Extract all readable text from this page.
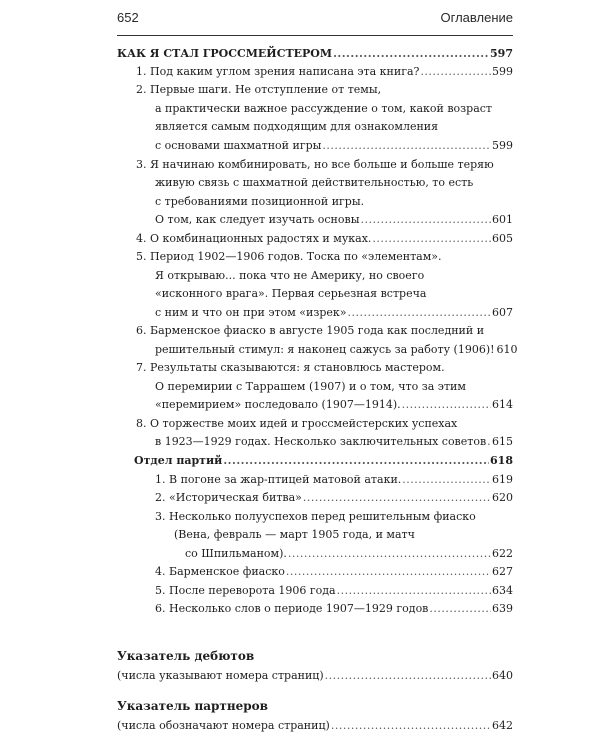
652	Оглавление
КАК Я СТАЛ ГРОССМЕЙСТЕРОМ .....	597
1. Под каким углом зрения написана эта книга? .....	599
2. Первые шаги. Не отступление от темы,
а практически важное рассуждение о том, какой возраст
является самым подходящим для ознакомления
с основами шахматной игры .....	599
3. Я начинаю комбинировать, но все больше и больше теряю
живую связь с шахматной действительностью, то есть
с требованиями позиционной игры.
О том, как следует изучать основы .....	601
4. О комбинационных радостях и муках. .....	605
5. Период 1902—1906 годов. Тоска по «элементам».
Я открываю... пока что не Америку, но своего
«исконного врага». Первая серьезная встреча
с ним и что он при этом «изрек» .....	607
6. Барменское фиаско в августе 1905 года как последний и
решительный стимул: я наконец сажусь за работу (1906)! 610
7. Результаты сказываются: я становлюсь мастером.
О перемирии с Таррашем (1907) и о том, что за этим
«перемирием» последовало (1907—1914). .....	614
8. О торжестве моих идей и гроссмейстерских успехах
в 1923—1929 годах. Несколько заключительных советов ..... 615
Отдел партий .....	618
1. В погоне за жар-птицей матовой атаки. .....	619
2. «Историческая битва» .....	620
3. Несколько полууспехов перед решительным фиаско
(Вена, февраль — март 1905 года, и матч
со Шпильманом). .....	622
4. Барменское фиаско .....	627
5. После переворота 1906 года .....	634
6. Несколько слов о периоде 1907—1929 годов .....	639
Указатель дебютов
(числа указывают номера страниц) .....	640
Указатель партнеров
(числа обозначают номера страниц) .....	642
